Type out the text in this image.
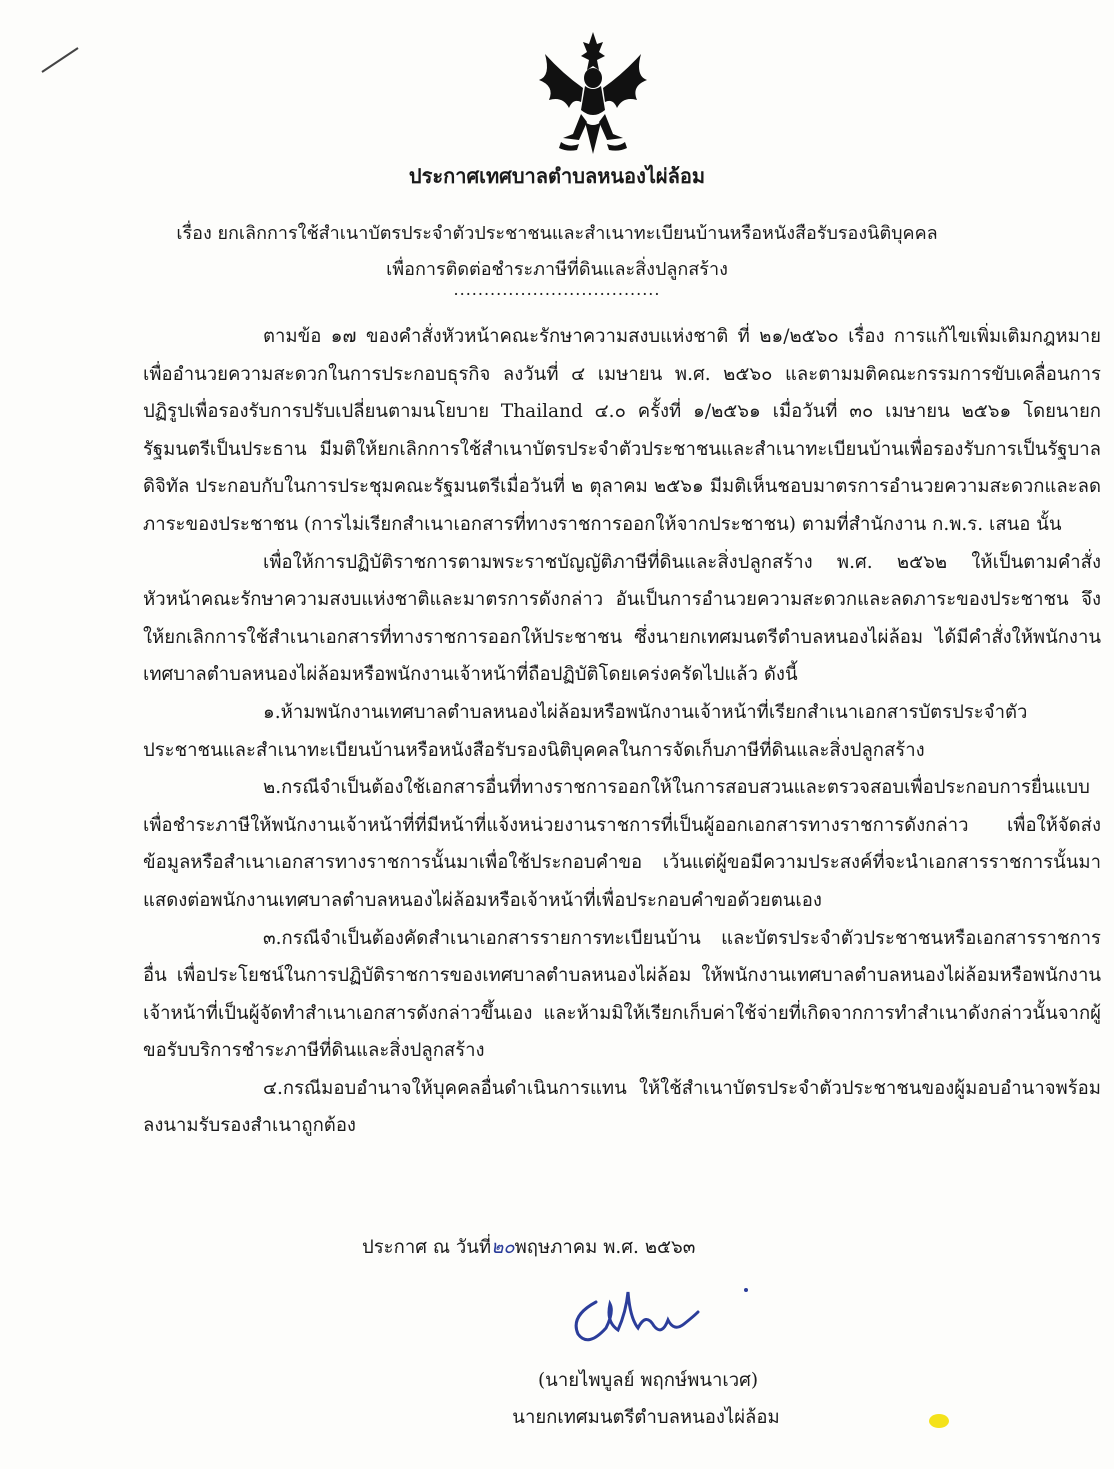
ประกาศเทศบาลตำบลหนองไผ่ล้อม
เรื่อง ยกเลิกการใช้สำเนาบัตรประจำตัวประชาชนและสำเนาทะเบียนบ้านหรือหนังสือรับรองนิติบุคคล
เพื่อการติดต่อชำระภาษีที่ดินและสิ่งปลูกสร้าง
..................................

ตามข้อ ๑๗ ของคำสั่งหัวหน้าคณะรักษาความสงบแห่งชาติ ที่ ๒๑/๒๕๖๐ เรื่อง การแก้ไขเพิ่มเติมกฎหมาย เพื่ออำนวยความสะดวกในการประกอบธุรกิจ ลงวันที่ ๔ เมษายน พ.ศ. ๒๕๖๐ และตามมติคณะกรรมการขับเคลื่อนการปฏิรูปเพื่อรองรับการปรับเปลี่ยนตามนโยบาย Thailand ๔.๐ ครั้งที่ ๑/๒๕๖๑ เมื่อวันที่ ๓๐ เมษายน ๒๕๖๑ โดยนายกรัฐมนตรีเป็นประธาน มีมติให้ยกเลิกการใช้สำเนาบัตรประจำตัวประชาชนและสำเนาทะเบียนบ้านเพื่อรองรับการเป็นรัฐบาลดิจิทัล ประกอบกับในการประชุมคณะรัฐมนตรีเมื่อวันที่ ๒ ตุลาคม ๒๕๖๑ มีมติเห็นชอบมาตรการอำนวยความสะดวกและลดภาระของประชาชน (การไม่เรียกสำเนาเอกสารที่ทางราชการออกให้จากประชาชน) ตามที่สำนักงาน ก.พ.ร. เสนอ นั้น

เพื่อให้การปฏิบัติราชการตามพระราชบัญญัติภาษีที่ดินและสิ่งปลูกสร้าง พ.ศ. ๒๕๖๒ ให้เป็นตามคำสั่งหัวหน้าคณะรักษาความสงบแห่งชาติและมาตรการดังกล่าว อันเป็นการอำนวยความสะดวกและลดภาระของประชาชน จึงให้ยกเลิกการใช้สำเนาเอกสารที่ทางราชการออกให้ประชาชน ซึ่งนายกเทศมนตรีตำบลหนองไผ่ล้อม ได้มีคำสั่งให้พนักงานเทศบาลตำบลหนองไผ่ล้อมหรือพนักงานเจ้าหน้าที่ถือปฏิบัติโดยเคร่งครัดไปแล้ว ดังนี้

๑.ห้ามพนักงานเทศบาลตำบลหนองไผ่ล้อมหรือพนักงานเจ้าหน้าที่เรียกสำเนาเอกสารบัตรประจำตัวประชาชนและสำเนาทะเบียนบ้านหรือหนังสือรับรองนิติบุคคลในการจัดเก็บภาษีที่ดินและสิ่งปลูกสร้าง

๒.กรณีจำเป็นต้องใช้เอกสารอื่นที่ทางราชการออกให้ในการสอบสวนและตรวจสอบเพื่อประกอบการยื่นแบบเพื่อชำระภาษีให้พนักงานเจ้าหน้าที่ที่มีหน้าที่แจ้งหน่วยงานราชการที่เป็นผู้ออกเอกสารทางราชการดังกล่าว เพื่อให้จัดส่งข้อมูลหรือสำเนาเอกสารทางราชการนั้นมาเพื่อใช้ประกอบคำขอ เว้นแต่ผู้ขอมีความประสงค์ที่จะนำเอกสารราชการนั้นมาแสดงต่อพนักงานเทศบาลตำบลหนองไผ่ล้อมหรือเจ้าหน้าที่เพื่อประกอบคำขอด้วยตนเอง

๓.กรณีจำเป็นต้องคัดสำเนาเอกสารรายการทะเบียนบ้าน และบัตรประจำตัวประชาชนหรือเอกสารราชการอื่น เพื่อประโยชน์ในการปฏิบัติราชการของเทศบาลตำบลหนองไผ่ล้อม ให้พนักงานเทศบาลตำบลหนองไผ่ล้อมหรือพนักงานเจ้าหน้าที่เป็นผู้จัดทำสำเนาเอกสารดังกล่าวขึ้นเอง และห้ามมิให้เรียกเก็บค่าใช้จ่ายที่เกิดจากการทำสำเนาดังกล่าวนั้นจากผู้ขอรับบริการชำระภาษีที่ดินและสิ่งปลูกสร้าง

๔.กรณีมอบอำนาจให้บุคคลอื่นดำเนินการแทน ให้ใช้สำเนาบัตรประจำตัวประชาชนของผู้มอบอำนาจพร้อมลงนามรับรองสำเนาถูกต้อง

ประกาศ ณ วันที่๒๐พฤษภาคม พ.ศ. ๒๕๖๓
(นายไพบูลย์ พฤกษ์พนาเวศ)
นายกเทศมนตรีตำบลหนองไผ่ล้อม
